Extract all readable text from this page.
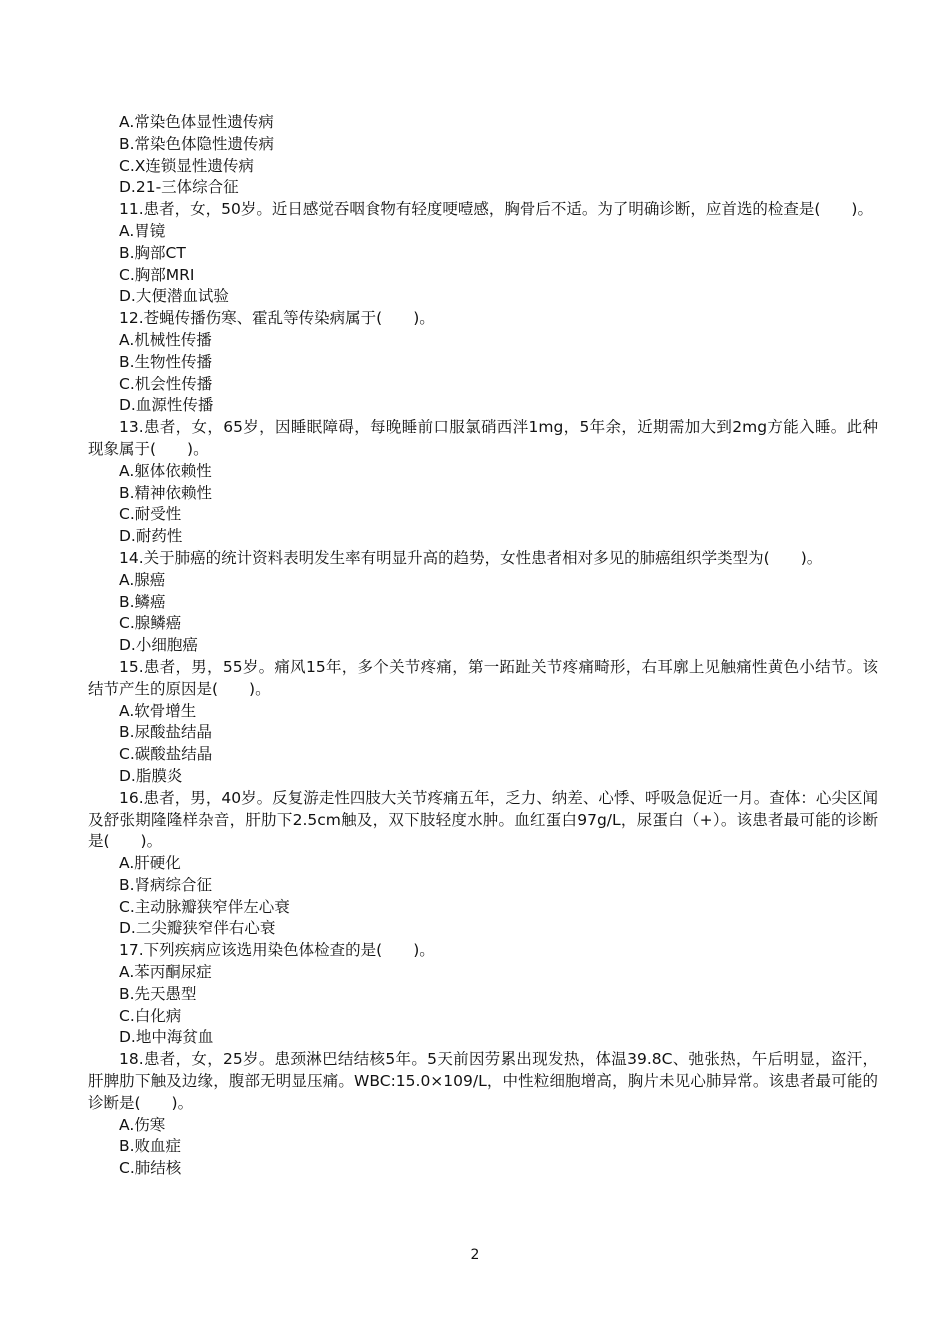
A.常染色体显性遗传病
B.常染色体隐性遗传病
C.X连锁显性遗传病
D.21-三体综合征
11.患者，女，50岁。近日感觉吞咽食物有轻度哽噎感，胸骨后不适。为了明确诊断，应首选的检查是(　　)。
A.胃镜
B.胸部CT
C.胸部MRI
D.大便潜血试验
12.苍蝇传播伤寒、霍乱等传染病属于(　　)。
A.机械性传播
B.生物性传播
C.机会性传播
D.血源性传播
13.患者，女，65岁，因睡眠障碍，每晚睡前口服氯硝西泮1mg，5年余，近期需加大到2mg方能入睡。此种现象属于(　　)。
A.躯体依赖性
B.精神依赖性
C.耐受性
D.耐药性
14.关于肺癌的统计资料表明发生率有明显升高的趋势，女性患者相对多见的肺癌组织学类型为(　　)。
A.腺癌
B.鳞癌
C.腺鳞癌
D.小细胞癌
15.患者，男，55岁。痛风15年，多个关节疼痛，第一跖趾关节疼痛畸形，右耳廓上见触痛性黄色小结节。该结节产生的原因是(　　)。
A.软骨增生
B.尿酸盐结晶
C.碳酸盐结晶
D.脂膜炎
16.患者，男，40岁。反复游走性四肢大关节疼痛五年，乏力、纳差、心悸、呼吸急促近一月。查体：心尖区闻及舒张期隆隆样杂音，肝肋下2.5cm触及，双下肢轻度水肿。血红蛋白97g/L，尿蛋白（+）。该患者最可能的诊断是(　　)。
A.肝硬化
B.肾病综合征
C.主动脉瓣狭窄伴左心衰
D.二尖瓣狭窄伴右心衰
17.下列疾病应该选用染色体检查的是(　　)。
A.苯丙酮尿症
B.先天愚型
C.白化病
D.地中海贫血
18.患者，女，25岁。患颈淋巴结结核5年。5天前因劳累出现发热，体温39.8C、弛张热，午后明显，盗汗，肝脾肋下触及边缘，腹部无明显压痛。WBC:15.0×109/L，中性粒细胞增高，胸片未见心肺异常。该患者最可能的诊断是(　　)。
A.伤寒
B.败血症
C.肺结核
2
